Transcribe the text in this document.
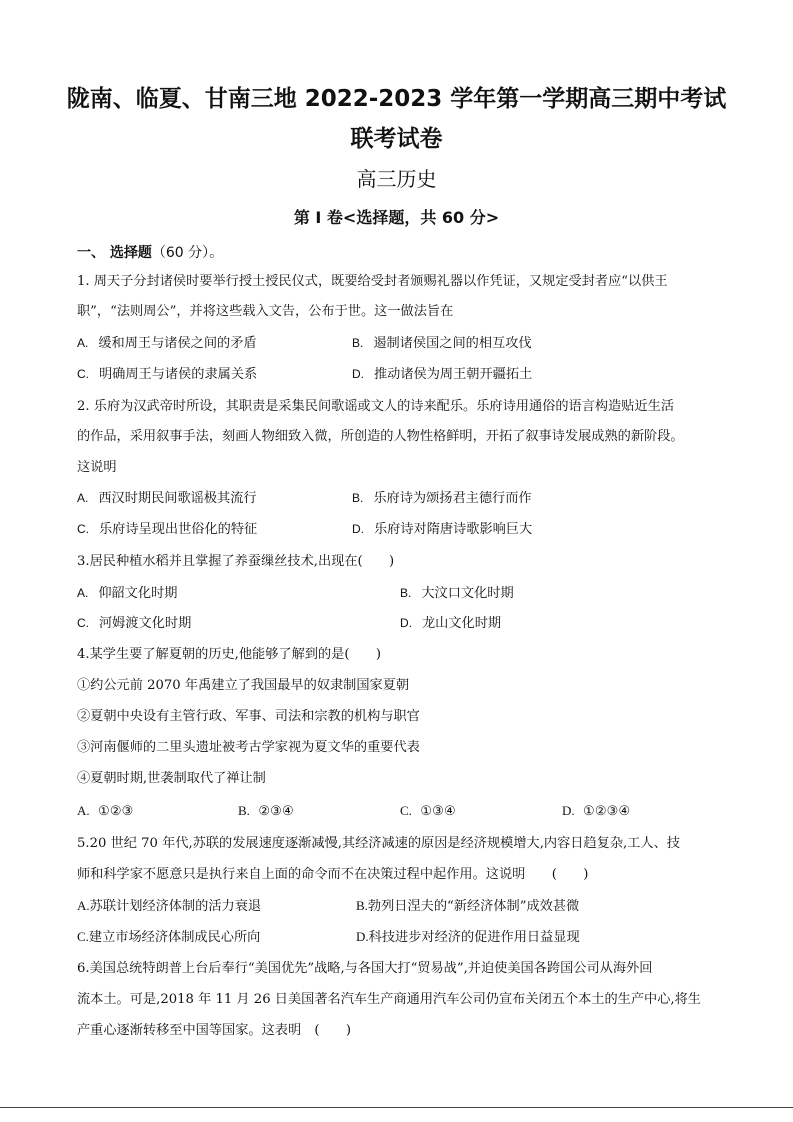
陇南、临夏、甘南三地 2022-2023 学年第一学期高三期中考试
联考试卷
高三历史
第 I 卷<选择题，共 60 分>
一、 选择题（60 分）。
1. 周天子分封诸侯时要举行授土授民仪式，既要给受封者颁赐礼器以作凭证，又规定受封者应“以供王
职”，“法则周公”，并将这些载入文告，公布于世。这一做法旨在
A. 缓和周王与诸侯之间的矛盾	B. 遏制诸侯国之间的相互攻伐
C. 明确周王与诸侯的隶属关系	D. 推动诸侯为周王朝开疆拓土
2. 乐府为汉武帝时所设，其职责是采集民间歌谣或文人的诗来配乐。乐府诗用通俗的语言构造贴近生活
的作品，采用叙事手法，刻画人物细致入微，所创造的人物性格鲜明，开拓了叙事诗发展成熟的新阶段。
这说明
A. 西汉时期民间歌谣极其流行	B. 乐府诗为颂扬君主德行而作
C. 乐府诗呈现出世俗化的特征	D. 乐府诗对隋唐诗歌影响巨大
3.居民种植水稻并且掌握了养蚕缫丝技术,出现在(　　)
A. 仰韶文化时期	B. 大汶口文化时期
C. 河姆渡文化时期	D. 龙山文化时期
4.某学生要了解夏朝的历史,他能够了解到的是(　　)
①约公元前 2070 年禹建立了我国最早的奴隶制国家夏朝
②夏朝中央设有主管行政、军事、司法和宗教的机构与职官
③河南偃师的二里头遗址被考古学家视为夏文华的重要代表
④夏朝时期,世袭制取代了禅让制
A. ①②③	B. ②③④	C. ①③④	D. ①②③④
5.20 世纪 70 年代,苏联的发展速度逐渐减慢,其经济减速的原因是经济规模增大,内容日趋复杂,工人、技
师和科学家不愿意只是执行来自上面的命令而不在决策过程中起作用。这说明　　(　　)
A.苏联计划经济体制的活力衰退	B.勃列日涅夫的“新经济体制”成效甚微
C.建立市场经济体制成民心所向	D.科技进步对经济的促进作用日益显现
6.美国总统特朗普上台后奉行“美国优先”战略,与各国大打“贸易战”,并迫使美国各跨国公司从海外回
流本土。可是,2018 年 11 月 26 日美国著名汽车生产商通用汽车公司仍宣布关闭五个本土的生产中心,将生
产重心逐渐转移至中国等国家。这表明　(　　)
